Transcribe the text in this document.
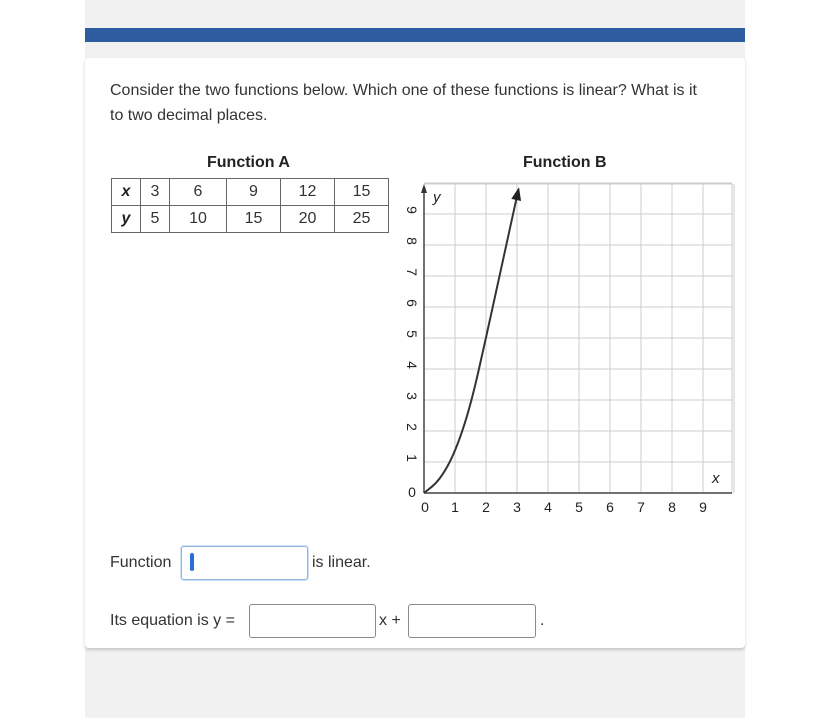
Consider the two functions below. Which one of these functions is linear? What is it
to two decimal places.
Function A
x	3	6	9	12	15
y	5	10	15	20	25
Function B
0 1 2 3 4 5 6 7 8 9
0
1
2
3
4
5
6
7
8
9
x
y
Function	is linear.
Its equation is y =	x +	.
